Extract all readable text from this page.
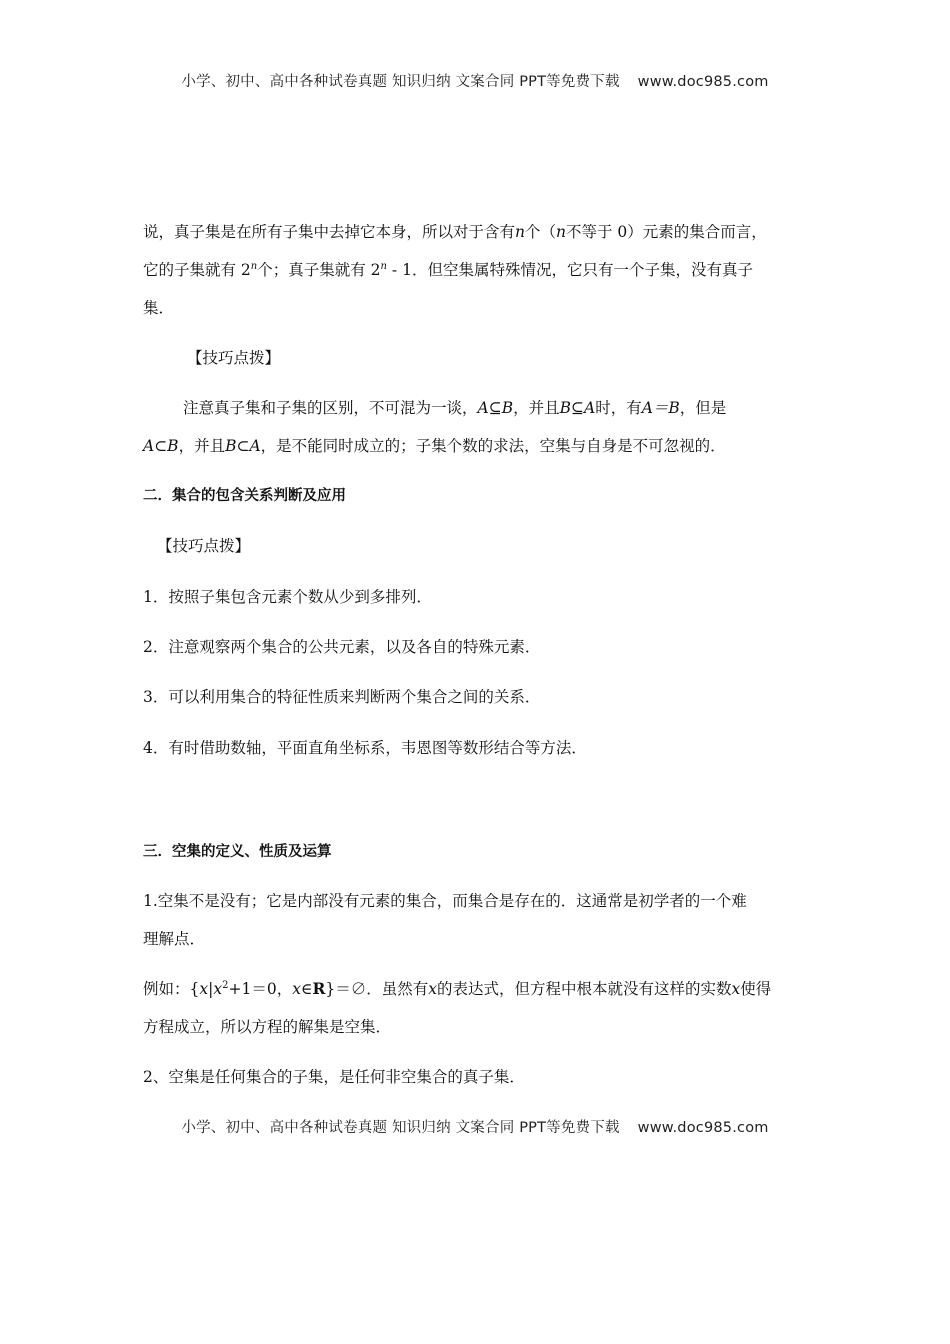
小学、初中、高中各种试卷真题 知识归纳 文案合同 PPT等免费下载 www.doc985.com
说，真子集是在所有子集中去掉它本身，所以对于含有n个（n不等于 0）元素的集合而言，
它的子集就有 2$^n$个；真子集就有 2$^n$ - 1．但空集属特殊情况，它只有一个子集，没有真子
集．
【技巧点拨】
注意真子集和子集的区别，不可混为一谈，A⊆B，并且B⊆A时，有A＝B，但是
A⊂B，并且B⊂A，是不能同时成立的；子集个数的求法，空集与自身是不可忽视的．
二．集合的包含关系判断及应用
【技巧点拨】
1．按照子集包含元素个数从少到多排列．
2．注意观察两个集合的公共元素，以及各自的特殊元素．
3．可以利用集合的特征性质来判断两个集合之间的关系．
4．有时借助数轴，平面直角坐标系，韦恩图等数形结合等方法．
三．空集的定义、性质及运算
1.空集不是没有；它是内部没有元素的集合，而集合是存在的．这通常是初学者的一个难
理解点．
例如：{$x|x^2+1=0$，x∈R}＝∅．虽然有x的表达式，但方程中根本就没有这样的实数x使得
方程成立，所以方程的解集是空集．
2、空集是任何集合的子集，是任何非空集合的真子集．
小学、初中、高中各种试卷真题 知识归纳 文案合同 PPT等免费下载 www.doc985.com
